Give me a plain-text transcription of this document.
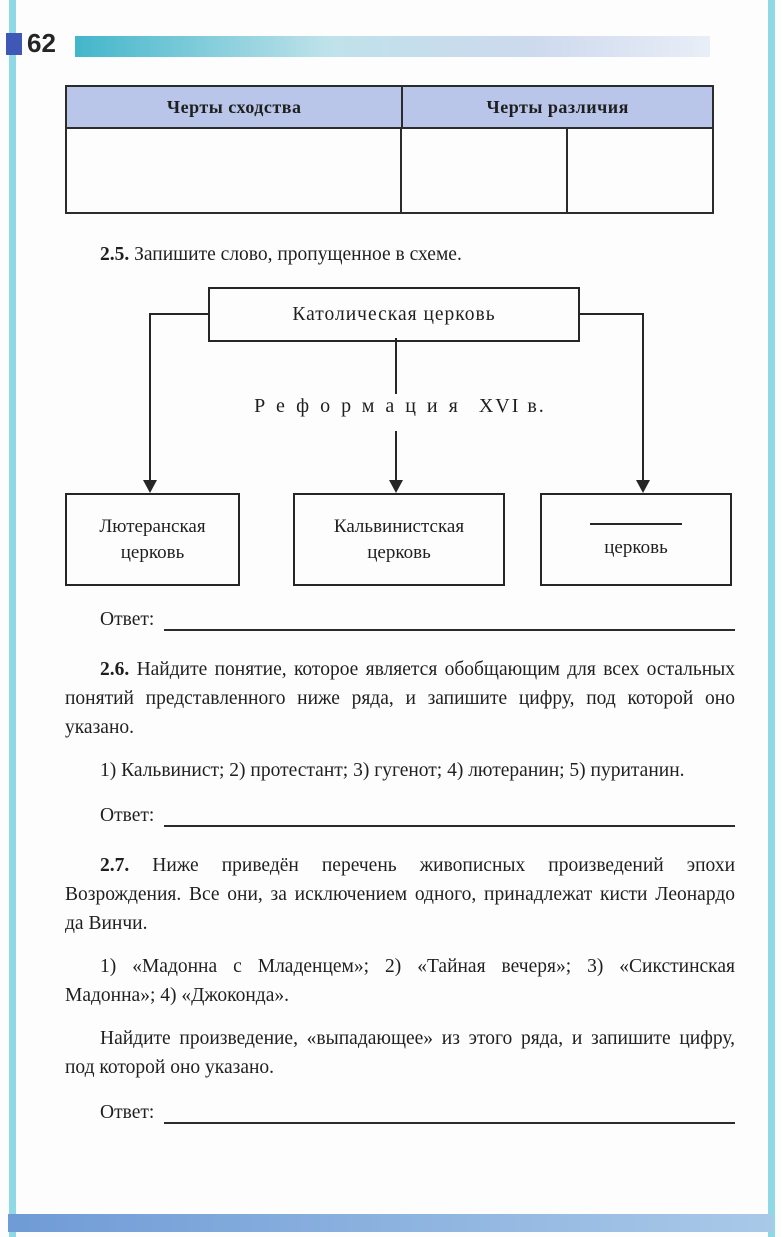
62
Черты сходства	Черты различия

2.5. Запишите слово, пропущенное в схеме.

Католическая церковь
Реформация XVI в.
Лютеранская
церковь
Кальвинистская
церковь	церковь
Ответ:

2.6. Найдите понятие, которое является обобщающим для всех остальных понятий представленного ниже ряда, и запишите цифру, под которой оно указано.

1) Кальвинист; 2) протестант; 3) гугенот; 4) лютеранин; 5) пуританин.

Ответ:

2.7. Ниже приведён перечень живописных произведений эпохи Возрождения. Все они, за исключением одного, принадлежат кисти Леонардо да Винчи.

1) «Мадонна с Младенцем»; 2) «Тайная вечеря»; 3) «Сикстинская Мадонна»; 4) «Джоконда».

Найдите произведение, «выпадающее» из этого ряда, и запишите цифру, под которой оно указано.

Ответ:
